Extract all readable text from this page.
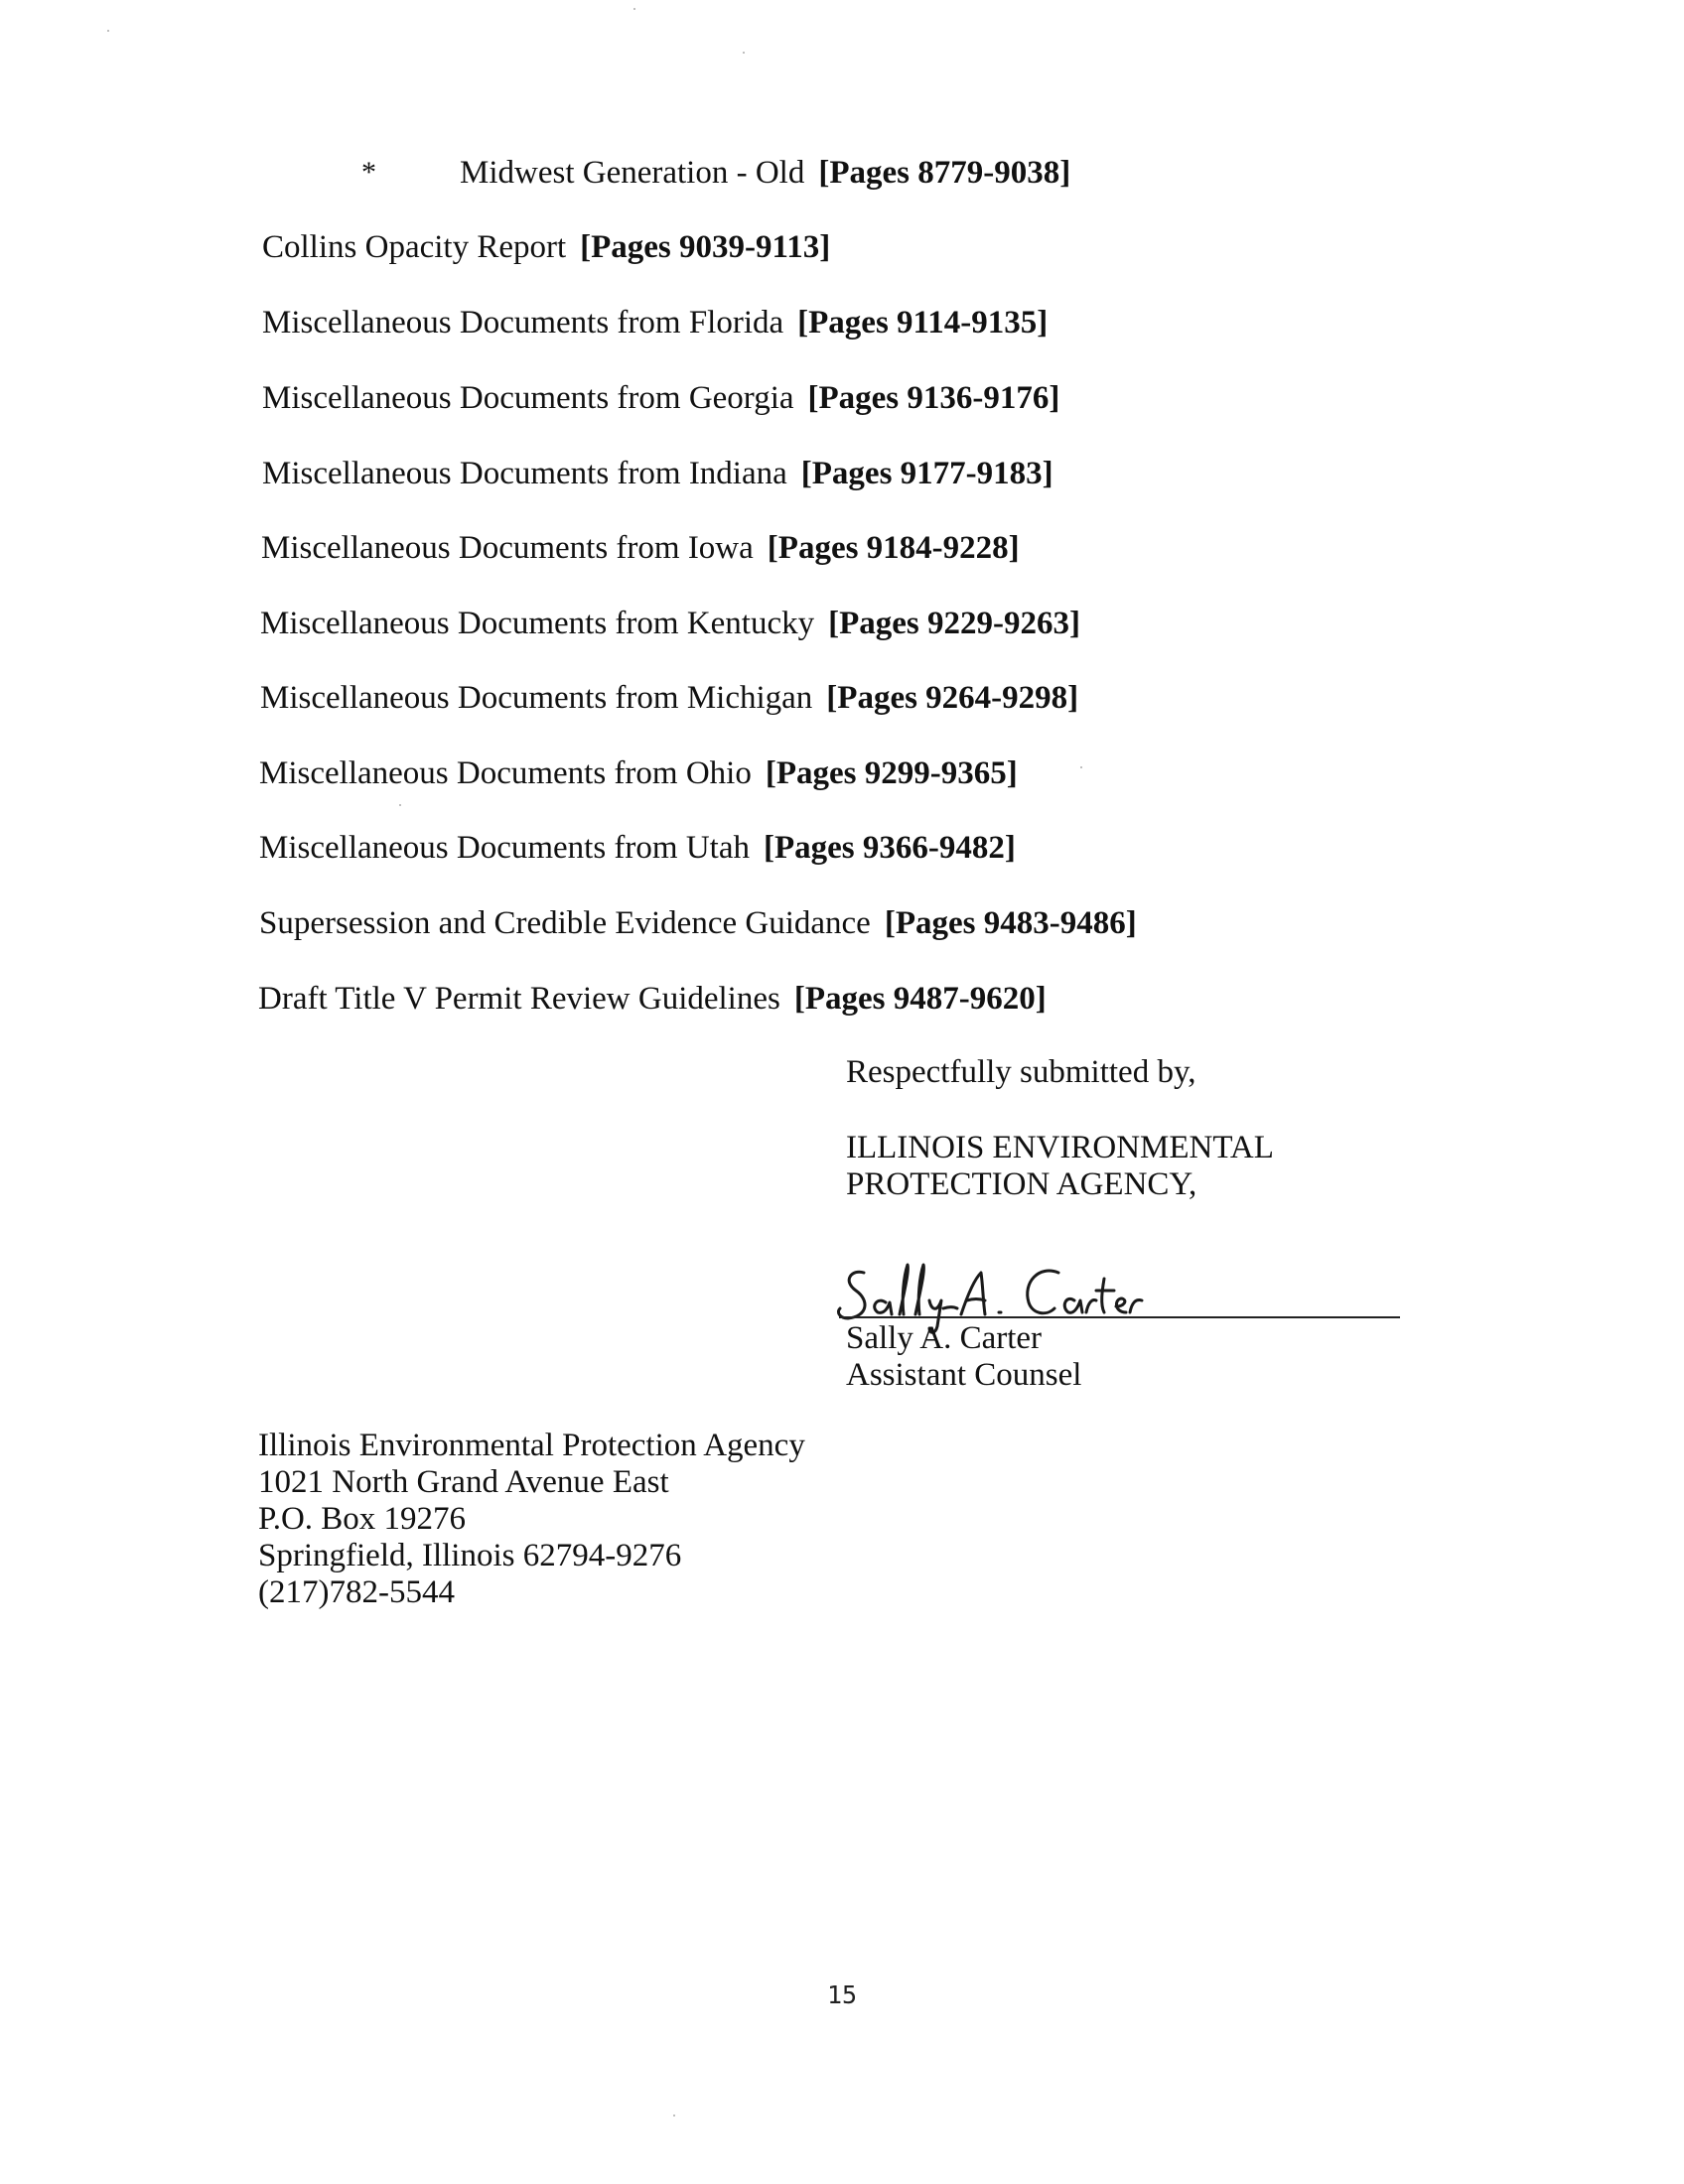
*	Midwest Generation - Old [Pages 8779-9038]
Collins Opacity Report [Pages 9039-9113]
Miscellaneous Documents from Florida [Pages 9114-9135]
Miscellaneous Documents from Georgia [Pages 9136-9176]
Miscellaneous Documents from Indiana [Pages 9177-9183]
Miscellaneous Documents from Iowa [Pages 9184-9228]
Miscellaneous Documents from Kentucky [Pages 9229-9263]
Miscellaneous Documents from Michigan [Pages 9264-9298]
Miscellaneous Documents from Ohio [Pages 9299-9365]
Miscellaneous Documents from Utah [Pages 9366-9482]
Supersession and Credible Evidence Guidance [Pages 9483-9486]
Draft Title V Permit Review Guidelines [Pages 9487-9620]
Respectfully submitted by,
ILLINOIS ENVIRONMENTAL
PROTECTION AGENCY,
Sally A. Carter
Assistant Counsel
Illinois Environmental Protection Agency
1021 North Grand Avenue East
P.O. Box 19276
Springfield, Illinois 62794-9276
(217)782-5544
15
